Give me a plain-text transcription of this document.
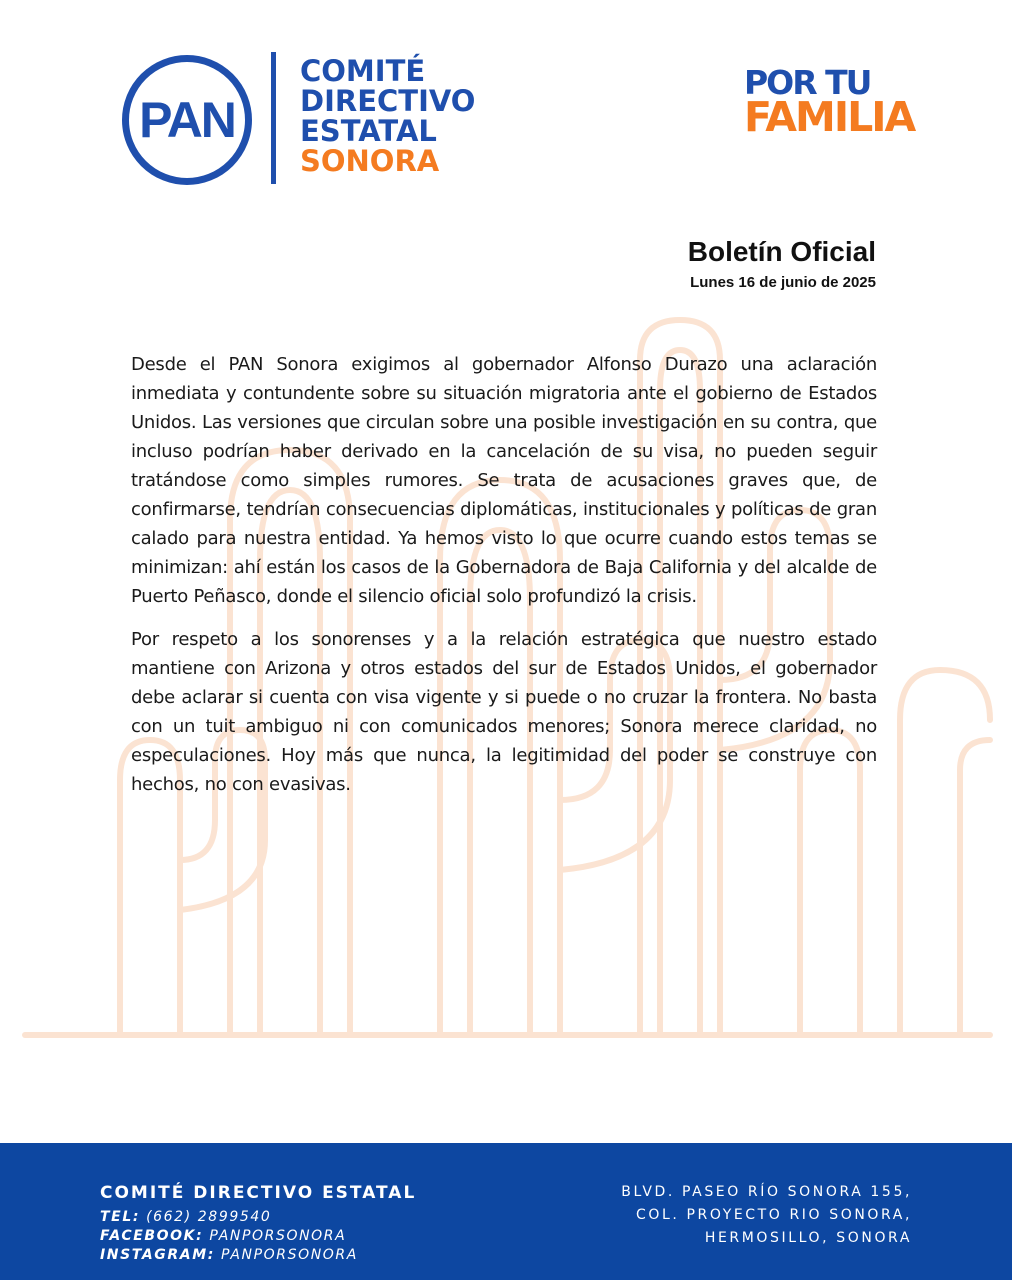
PAN
COMITÉ
DIRECTIVO
ESTATAL
SONORA
POR TU
FAMILIA
Boletín Oficial
Lunes 16 de junio de 2025

Desde el PAN Sonora exigimos al gobernador Alfonso Durazo una aclaración inmediata y contundente sobre su situación migratoria ante el gobierno de Estados Unidos. Las versiones que circulan sobre una posible investigación en su contra, que incluso podrían haber derivado en la cancelación de su visa, no pueden seguir tratándose como simples rumores. Se trata de acusaciones graves que, de confirmarse, tendrían consecuencias diplomáticas, institucionales y políticas de gran calado para nuestra entidad. Ya hemos visto lo que ocurre cuando estos temas se minimizan: ahí están los casos de la Gobernadora de Baja California y del alcalde de Puerto Peñasco, donde el silencio oficial solo profundizó la crisis.

Por respeto a los sonorenses y a la relación estratégica que nuestro estado mantiene con Arizona y otros estados del sur de Estados Unidos, el gobernador debe aclarar si cuenta con visa vigente y si puede o no cruzar la frontera. No basta con un tuit ambiguo ni con comunicados menores; Sonora merece claridad, no especulaciones. Hoy más que nunca, la legitimidad del poder se construye con hechos, no con evasivas.

COMITÉ DIRECTIVO ESTATAL
TEL: (662) 2899540
FACEBOOK: PANPORSONORA
INSTAGRAM: PANPORSONORA
BLVD. PASEO RÍO SONORA 155,
COL. PROYECTO RIO SONORA,
HERMOSILLO, SONORA
